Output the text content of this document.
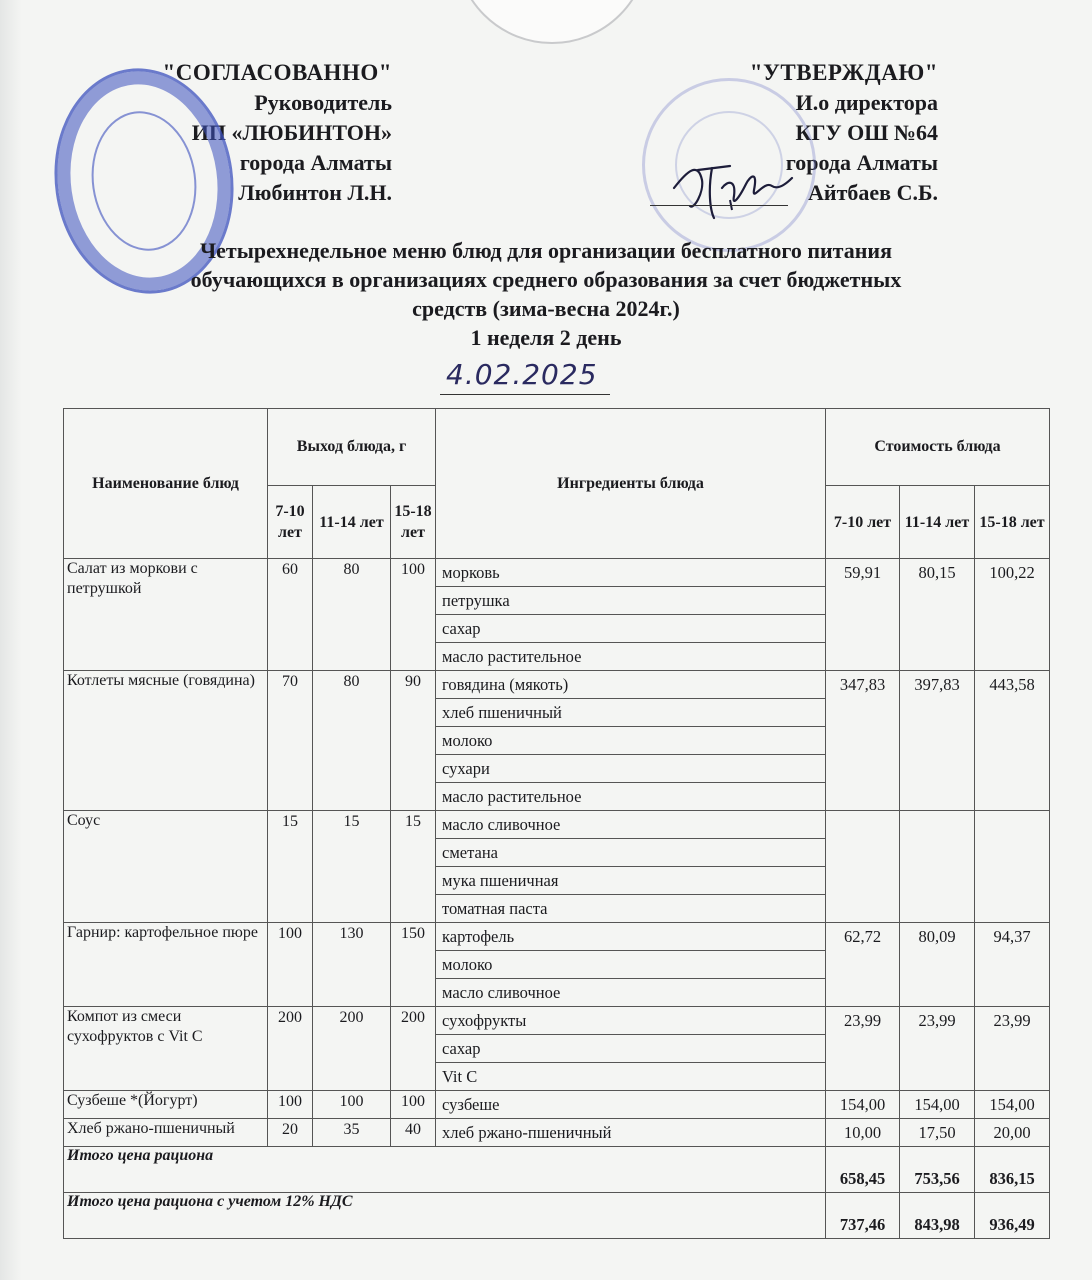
"СОГЛАСОВАННО"
Руководитель
ИП «ЛЮБИНТОН»
города Алматы
Любинтон Л.Н.
"УТВЕРЖДАЮ"
И.о директора
КГУ ОШ №64
города Алматы
Айтбаев С.Б.
Четырехнедельное меню блюд для организации бесплатного питания
обучающихся в организациях среднего образования за счет бюджетных
средств (зима-весна 2024г.)
1 неделя 2 день
4.02.2025
Наименование блюд	Выход блюда, г			Ингредиенты блюда	Стоимость блюда		
	7-10 лет	11-14 лет	15-18 лет		7-10 лет	11-14 лет	15-18 лет
Салат из моркови с петрушкой	60	80	100	морковь	59,91	80,15	100,22
				петрушка			
				сахар			
				масло растительное			
Котлеты мясные (говядина)	70	80	90	говядина (мякоть)	347,83	397,83	443,58
				хлеб пшеничный			
				молоко			
				сухари			
				масло растительное			
Соус	15	15	15	масло сливочное			
				сметана			
				мука пшеничная			
				томатная паста			
Гарнир: картофельное пюре	100	130	150	картофель	62,72	80,09	94,37
				молоко			
				масло сливочное			
Компот из смеси сухофруктов с Vit C	200	200	200	сухофрукты	23,99	23,99	23,99
				сахар			
				Vit C			
Сузбеше *(Йогурт)	100	100	100	сузбеше	154,00	154,00	154,00
Хлеб ржано-пшеничный	20	35	40	хлеб ржано-пшеничный	10,00	17,50	20,00
Итого цена рациона					658,45	753,56	836,15
Итого цена рациона с учетом 12% НДС					737,46	843,98	936,49
